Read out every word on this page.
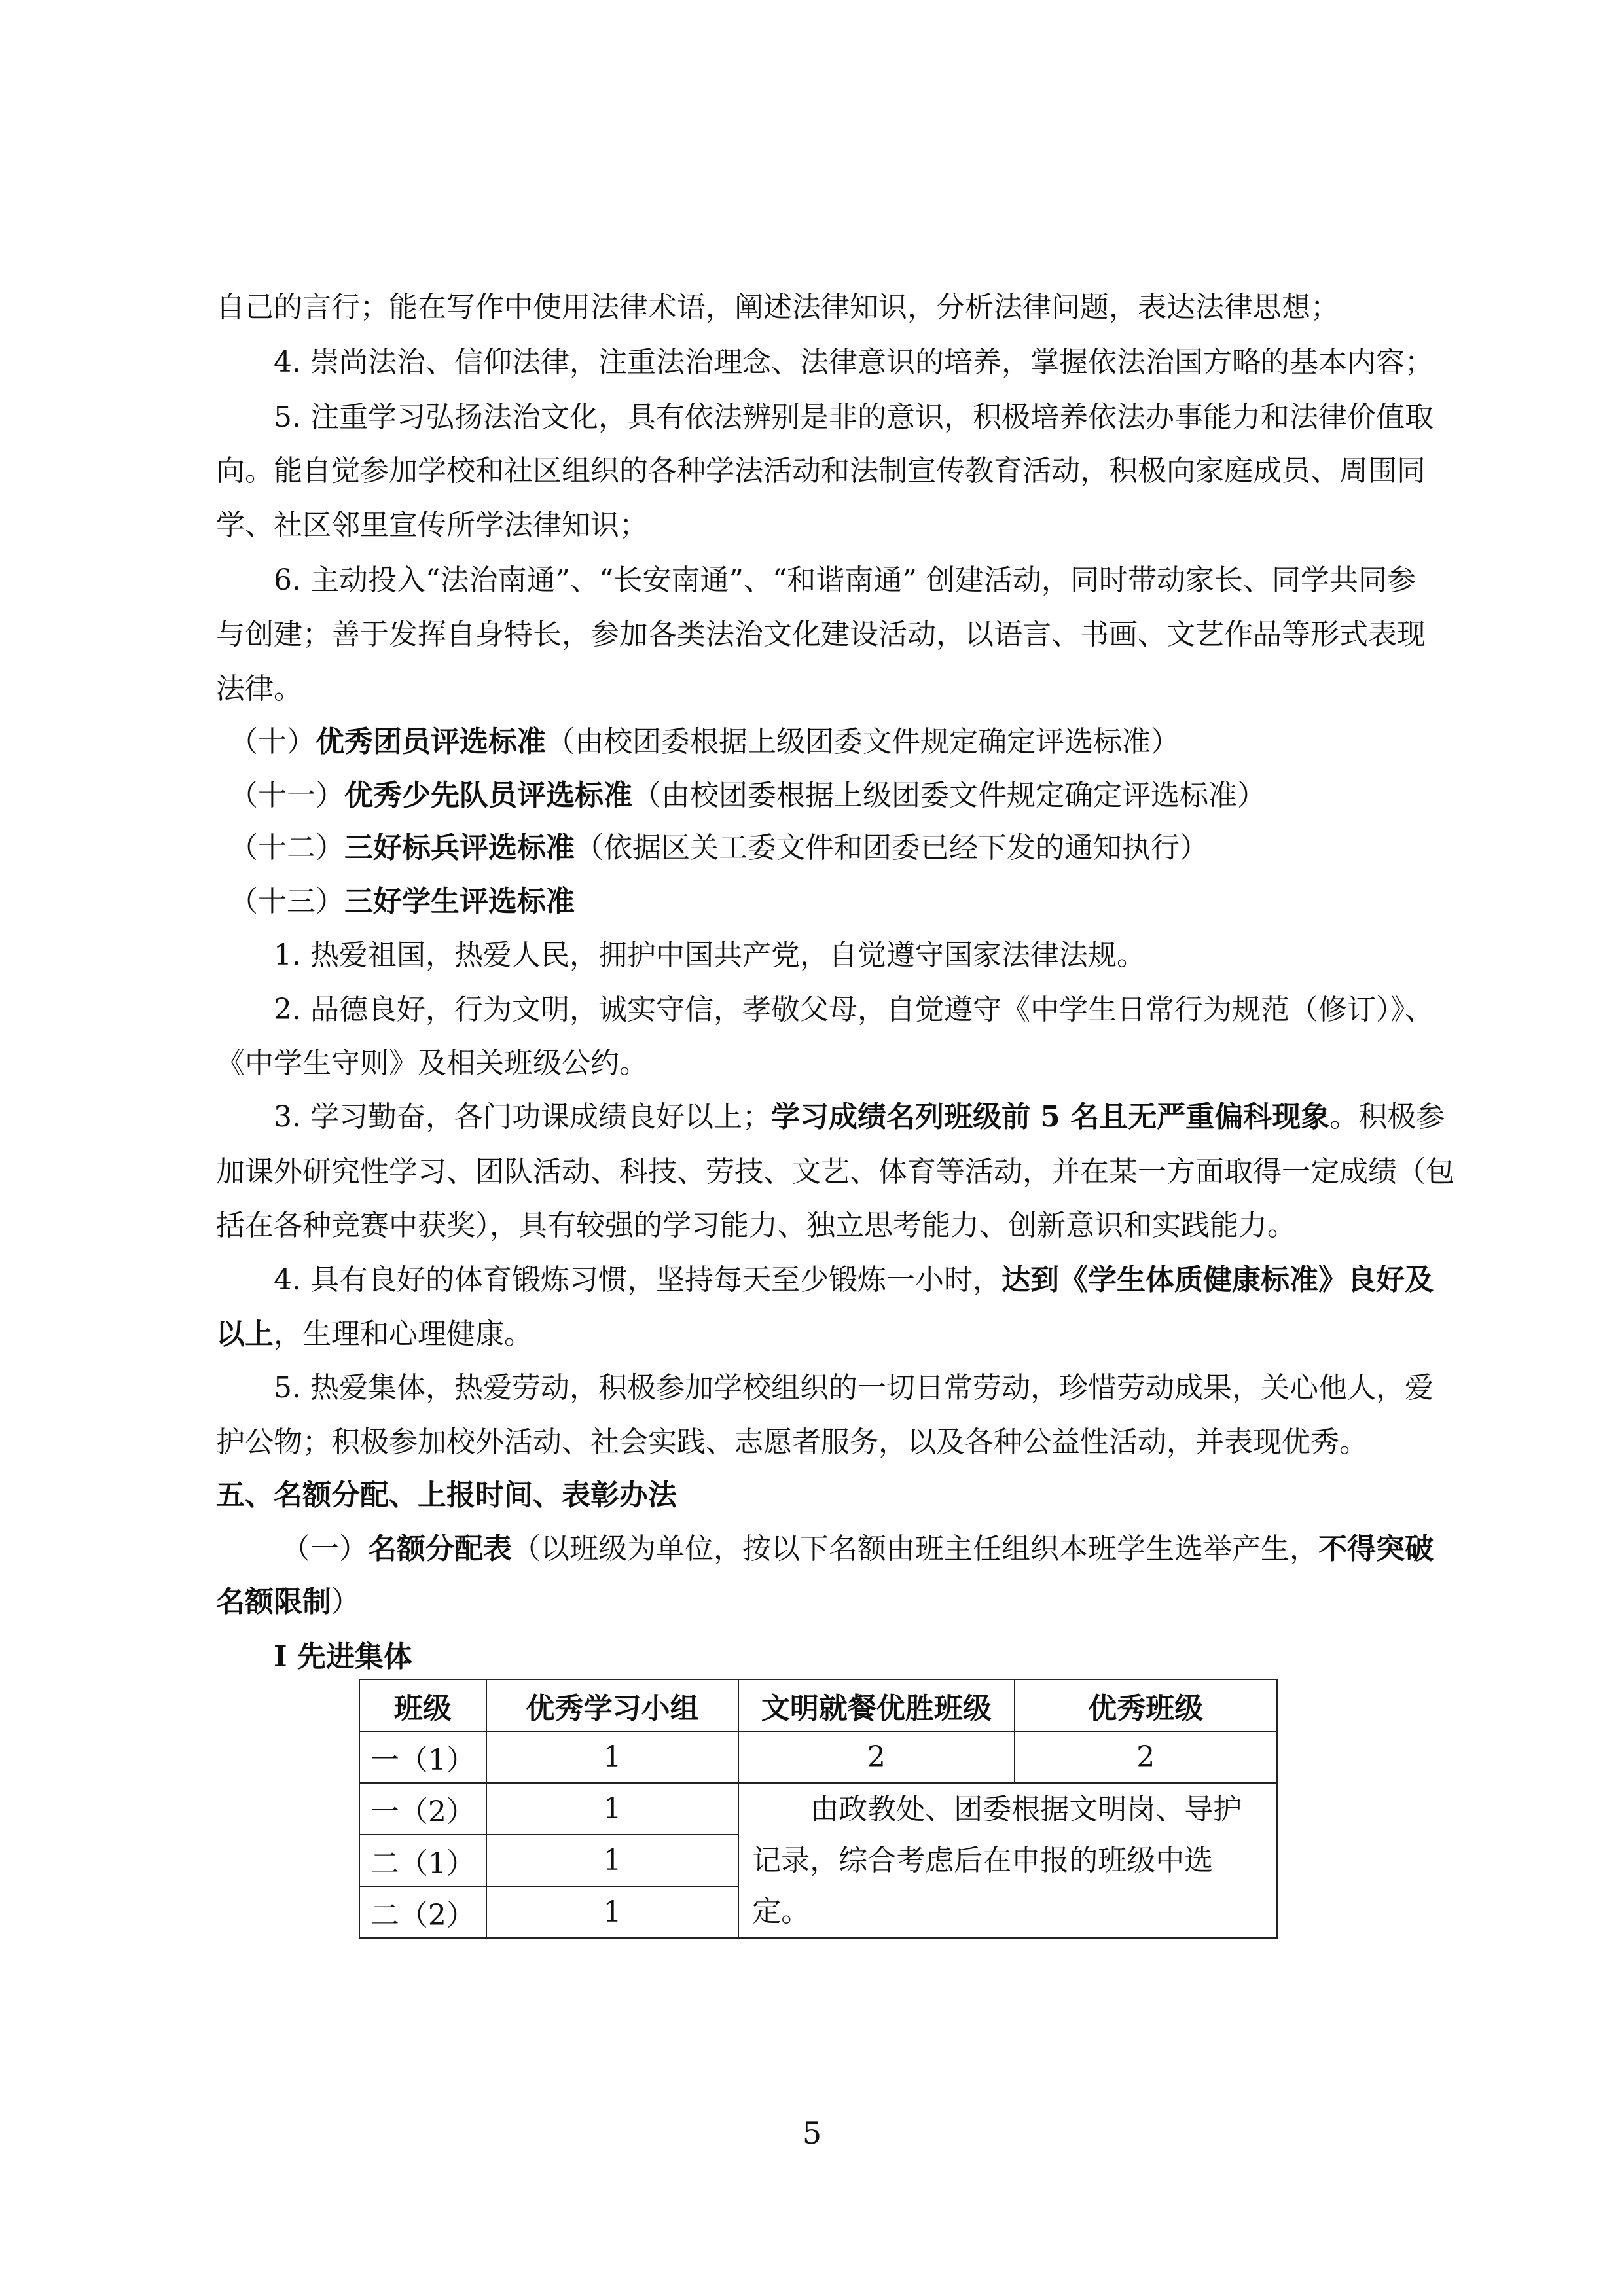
自己的言行；能在写作中使用法律术语，阐述法律知识，分析法律问题，表达法律思想；
4. 崇尚法治、信仰法律，注重法治理念、法律意识的培养，掌握依法治国方略的基本内容；
5. 注重学习弘扬法治文化，具有依法辨别是非的意识，积极培养依法办事能力和法律价值取
向。能自觉参加学校和社区组织的各种学法活动和法制宣传教育活动，积极向家庭成员、周围同
学、社区邻里宣传所学法律知识；
6. 主动投入“法治南通”、“长安南通”、“和谐南通” 创建活动，同时带动家长、同学共同参
与创建；善于发挥自身特长，参加各类法治文化建设活动，以语言、书画、文艺作品等形式表现
法律。
（十）优秀团员评选标准（由校团委根据上级团委文件规定确定评选标准）
（十一）优秀少先队员评选标准（由校团委根据上级团委文件规定确定评选标准）
（十二）三好标兵评选标准（依据区关工委文件和团委已经下发的通知执行）
（十三）三好学生评选标准
1. 热爱祖国，热爱人民，拥护中国共产党，自觉遵守国家法律法规。
2. 品德良好，行为文明，诚实守信，孝敬父母，自觉遵守《中学生日常行为规范（修订）》、
《中学生守则》及相关班级公约。
3. 学习勤奋，各门功课成绩良好以上；学习成绩名列班级前 5 名且无严重偏科现象。积极参
加课外研究性学习、团队活动、科技、劳技、文艺、体育等活动，并在某一方面取得一定成绩（包
括在各种竞赛中获奖），具有较强的学习能力、独立思考能力、创新意识和实践能力。
4. 具有良好的体育锻炼习惯，坚持每天至少锻炼一小时，达到《学生体质健康标准》良好及
以上，生理和心理健康。
5. 热爱集体，热爱劳动，积极参加学校组织的一切日常劳动，珍惜劳动成果，关心他人，爱
护公物；积极参加校外活动、社会实践、志愿者服务，以及各种公益性活动，并表现优秀。
五、名额分配、上报时间、表彰办法
（一）名额分配表（以班级为单位，按以下名额由班主任组织本班学生选举产生，不得突破
名额限制）
Ⅰ 先进集体
班级	优秀学习小组	文明就餐优胜班级	优秀班级
一（1）	1	2	2
一（2）	1	由政教处、团委根据文明岗、导护记录，综合考虑后在申报的班级中选定。	

二（1）	1		
二（2）	1		
5
